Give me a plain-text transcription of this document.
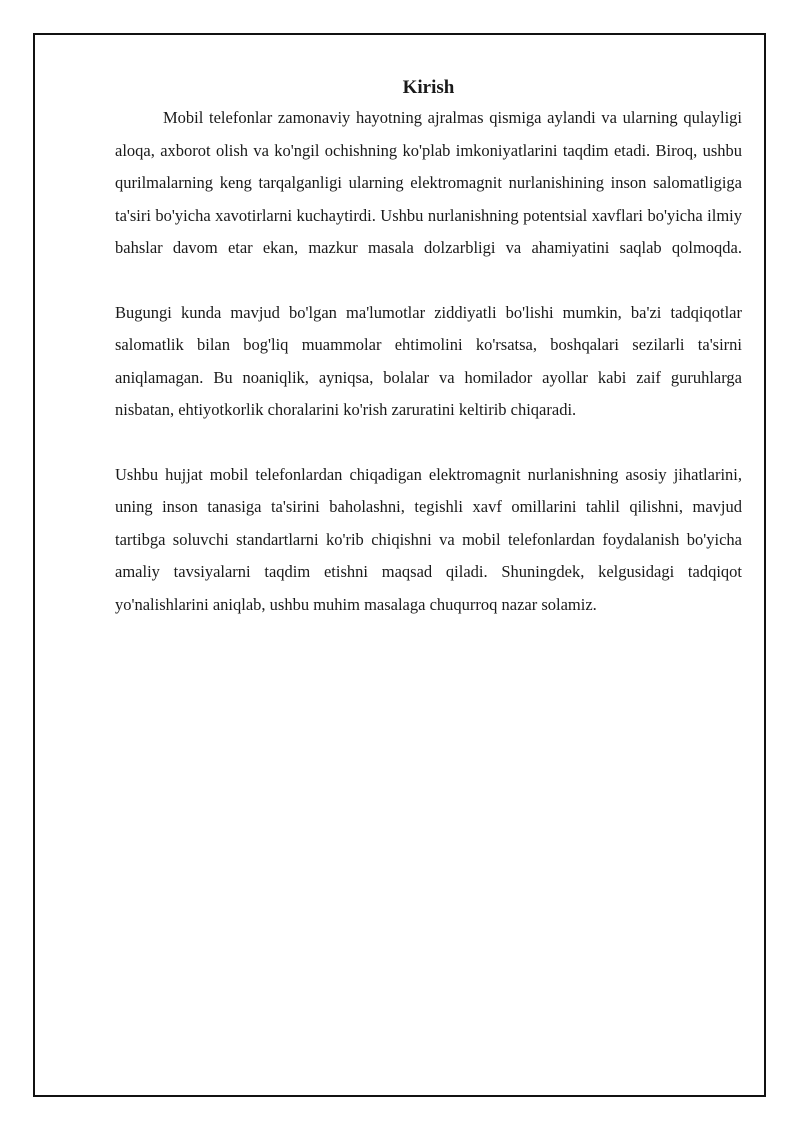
Kirish

Mobil telefonlar zamonaviy hayotning ajralmas qismiga aylandi va ularning qulayligi aloqa, axborot olish va ko'ngil ochishning ko'plab imkoniyatlarini taqdim etadi. Biroq, ushbu qurilmalarning keng tarqalganligi ularning elektromagnit nurlanishining inson salomatligiga ta'siri bo'yicha xavotirlarni kuchaytirdi. Ushbu nurlanishning potentsial xavflari bo'yicha ilmiy bahslar davom etar ekan, mazkur masala dolzarbligi va ahamiyatini saqlab qolmoqda.

Bugungi kunda mavjud bo'lgan ma'lumotlar ziddiyatli bo'lishi mumkin, ba'zi tadqiqotlar salomatlik bilan bog'liq muammolar ehtimolini ko'rsatsa, boshqalari sezilarli ta'sirni aniqlamagan. Bu noaniqlik, ayniqsa, bolalar va homilador ayollar kabi zaif guruhlarga nisbatan, ehtiyotkorlik choralarini ko'rish zaruratini keltirib chiqaradi.

Ushbu hujjat mobil telefonlardan chiqadigan elektromagnit nurlanishning asosiy jihatlarini, uning inson tanasiga ta'sirini baholashni, tegishli xavf omillarini tahlil qilishni, mavjud tartibga soluvchi standartlarni ko'rib chiqishni va mobil telefonlardan foydalanish bo'yicha amaliy tavsiyalarni taqdim etishni maqsad qiladi. Shuningdek, kelgusidagi tadqiqot yo'nalishlarini aniqlab, ushbu muhim masalaga chuqurroq nazar solamiz.
